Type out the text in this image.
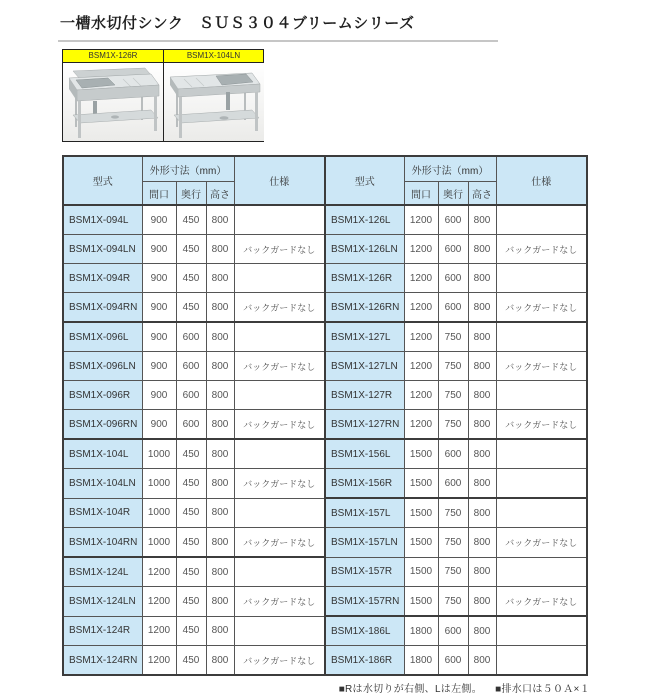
一槽水切付シンク　ＳＵＳ３０４ブリームシリーズ
BSM1X-126R	BSM1X-104LN
型式	外形寸法（mm）			仕様	型式	外形寸法（mm）			仕様
	間口	奥行	高さ			間口	奥行	高さ	
BSM1X-094L	900	450	800		BSM1X-126L	1200	600	800	
BSM1X-094LN	900	450	800	バックガードなし	BSM1X-126LN	1200	600	800	バックガードなし
BSM1X-094R	900	450	800		BSM1X-126R	1200	600	800	
BSM1X-094RN	900	450	800	バックガードなし	BSM1X-126RN	1200	600	800	バックガードなし
BSM1X-096L	900	600	800		BSM1X-127L	1200	750	800	
BSM1X-096LN	900	600	800	バックガードなし	BSM1X-127LN	1200	750	800	バックガードなし
BSM1X-096R	900	600	800		BSM1X-127R	1200	750	800	
BSM1X-096RN	900	600	800	バックガードなし	BSM1X-127RN	1200	750	800	バックガードなし
BSM1X-104L	1000	450	800		BSM1X-156L	1500	600	800	
BSM1X-104LN	1000	450	800	バックガードなし	BSM1X-156R	1500	600	800	
BSM1X-104R	1000	450	800		BSM1X-157L	1500	750	800	
BSM1X-104RN	1000	450	800	バックガードなし	BSM1X-157LN	1500	750	800	バックガードなし
BSM1X-124L	1200	450	800		BSM1X-157R	1500	750	800	
BSM1X-124LN	1200	450	800	バックガードなし	BSM1X-157RN	1500	750	800	バックガードなし
BSM1X-124R	1200	450	800		BSM1X-186L	1800	600	800	
BSM1X-124RN	1200	450	800	バックガードなし	BSM1X-186R	1800	600	800	
■Rは水切りが右側、Lは左側。 ■排水口は５０Ａ×１
